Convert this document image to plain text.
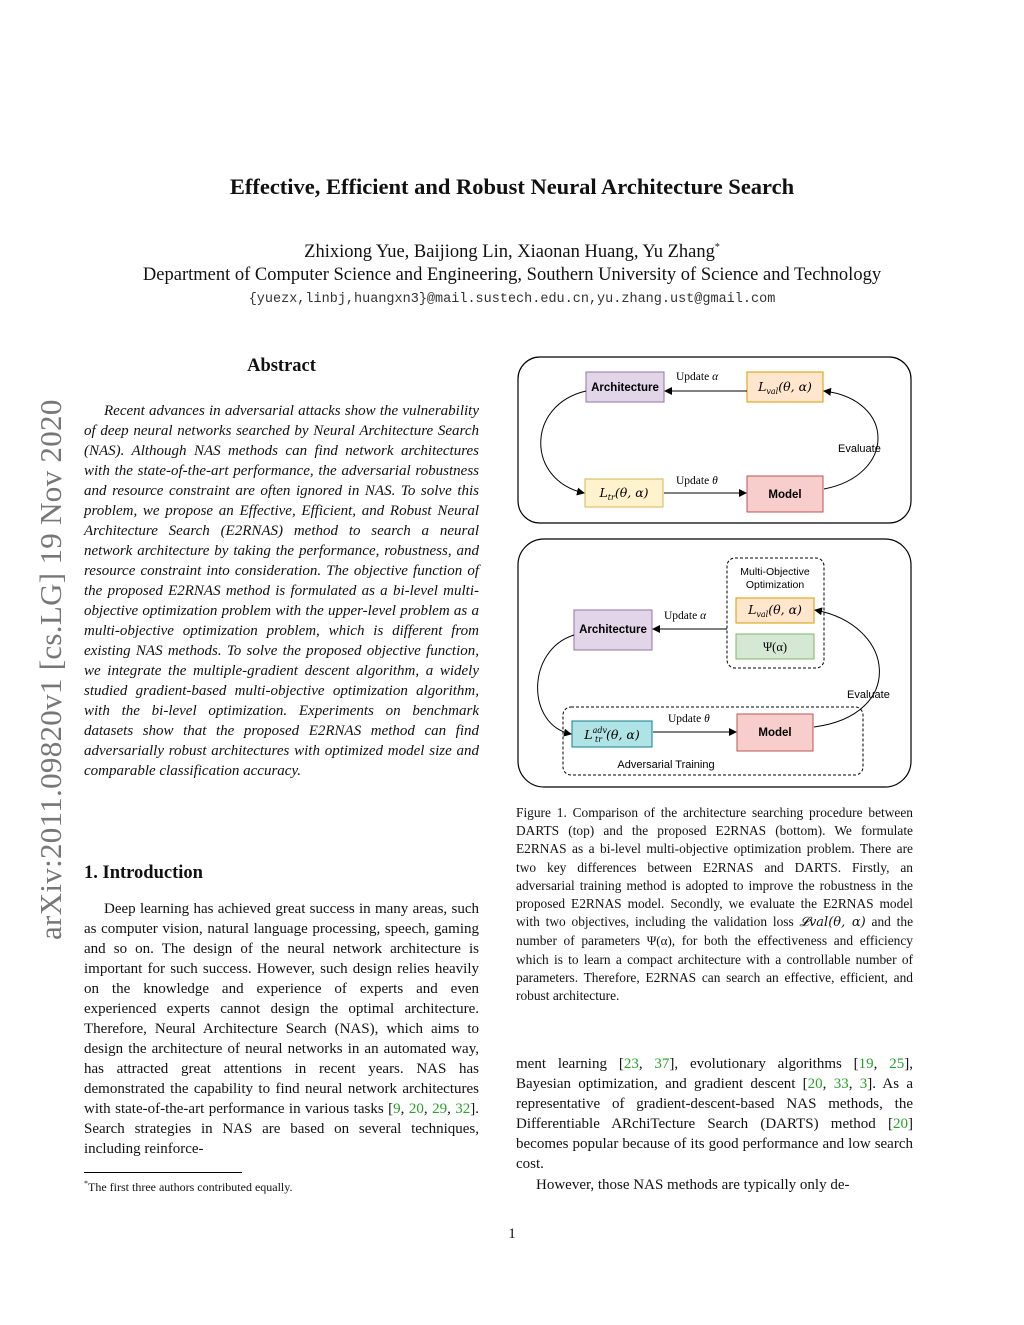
arXiv:2011.09820v1 [cs.LG] 19 Nov 2020
Effective, Efficient and Robust Neural Architecture Search
Zhixiong Yue, Baijiong Lin, Xiaonan Huang, Yu Zhang*
Department of Computer Science and Engineering, Southern University of Science and Technology
{yuezx,linbj,huangxn3}@mail.sustech.edu.cn,yu.zhang.ust@gmail.com
Abstract

Recent advances in adversarial attacks show the vulnerability of deep neural networks searched by Neural Architecture Search (NAS). Although NAS methods can find network architectures with the state-of-the-art performance, the adversarial robustness and resource constraint are often ignored in NAS. To solve this problem, we propose an Effective, Efficient, and Robust Neural Architecture Search (E2RNAS) method to search a neural network architecture by taking the performance, robustness, and resource constraint into consideration. The objective function of the proposed E2RNAS method is formulated as a bi-level multi-objective optimization problem with the upper-level problem as a multi-objective optimization problem, which is different from existing NAS methods. To solve the proposed objective function, we integrate the multiple-gradient descent algorithm, a widely studied gradient-based multi-objective optimization algorithm, with the bi-level optimization. Experiments on benchmark datasets show that the proposed E2RNAS method can find adversarially robust architectures with optimized model size and comparable classification accuracy.

1. Introduction

Deep learning has achieved great success in many areas, such as computer vision, natural language processing, speech, gaming and so on. The design of the neural network architecture is important for such success. However, such design relies heavily on the knowledge and experience of experts and even experienced experts cannot design the optimal architecture. Therefore, Neural Architecture Search (NAS), which aims to design the architecture of neural networks in an automated way, has attracted great attentions in recent years. NAS has demonstrated the capability to find neural network architectures with state-of-the-art performance in various tasks [9, 20, 29, 32]. Search strategies in NAS are based on several techniques, including reinforce-

*The first three authors contributed equally.
Architecture	$L_{val}(\theta$, α)
Update α
$L_{tr}(\theta$, α)	Model
Update θ
Evaluate
Multi-Objective
Optimization
$L_{val}(\theta$, α)
Ψ(α)
Architecture
Update α
$L^{adv}$ tr (θ, α)	Model
Update θ
Adversarial Training
Evaluate

Figure 1. Comparison of the architecture searching procedure between DARTS (top) and the proposed E2RNAS (bottom). We formulate E2RNAS as a bi-level multi-objective optimization problem. There are two key differences between E2RNAS and DARTS. Firstly, an adversarial training method is adopted to improve the robustness in the proposed E2RNAS model. Secondly, we evaluate the E2RNAS model with two objectives, including the validation loss 𝓛val(θ, α) and the number of parameters Ψ(α), for both the effectiveness and efficiency which is to learn a compact architecture with a controllable number of parameters. Therefore, E2RNAS can search an effective, efficient, and robust architecture.

ment learning [23, 37], evolutionary algorithms [19, 25], Bayesian optimization, and gradient descent [20, 33, 3]. As a representative of gradient-descent-based NAS methods, the Differentiable ARchiTecture Search (DARTS) method [20] becomes popular because of its good performance and low search cost.

However, those NAS methods are typically only de-

1
